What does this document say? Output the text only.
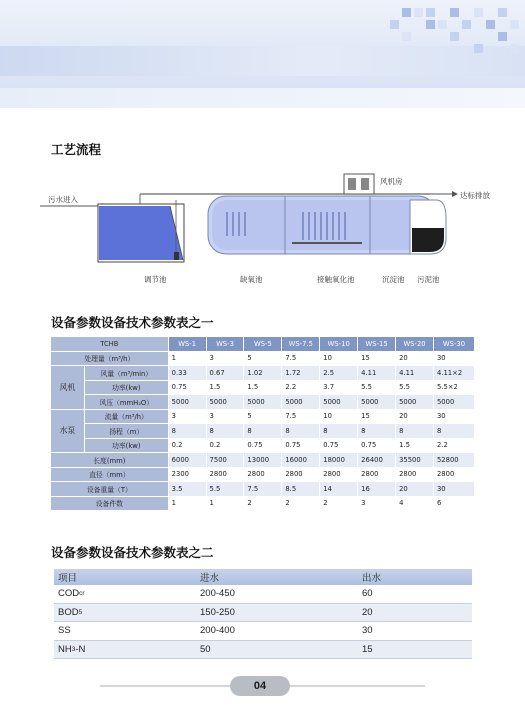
工艺流程
污水进入	达标排放
风机房
调节池	缺氧池	接触氧化池	沉淀池 污泥池
设备参数设备技术参数表之一
TCHB		WS-1	WS-3	WS-5	WS-7.5	WS-10	WS-15	WS-20	WS-30
处理量（m³/h）		1	3	5	7.5	10	15	20	30
风机	风量（m³/min）	0.33	0.67	1.02	1.72	2.5	4.11	4.11	4.11×2
	功率(kw)	0.75	1.5	1.5	2.2	3.7	5.5	5.5	5.5×2
	风压（mmH₂O）	5000	5000	5000	5000	5000	5000	5000	5000
水泵	流量（m³/h）	3	3	5	7.5	10	15	20	30
	扬程（m）	8	8	8	8	8	8	8	8
	功率(kw)	0.2	0.2	0.75	0.75	0.75	0.75	1.5	2.2
长度(mm)		6000	7500	13000	16000	18000	26400	35500	52800
直径（mm）		2300	2800	2800	2800	2800	2800	2800	2800
设备重量（T）		3.5	5.5	7.5	8.5	14	16	20	30
设备件数		1	1	2	2	2	3	4	6
设备参数设备技术参数表之二
项目	进水	出水
COD cr	200-450	60
BOD 5	150-250	20
SS	200-400	30
NH 3 -N	50	15
04
